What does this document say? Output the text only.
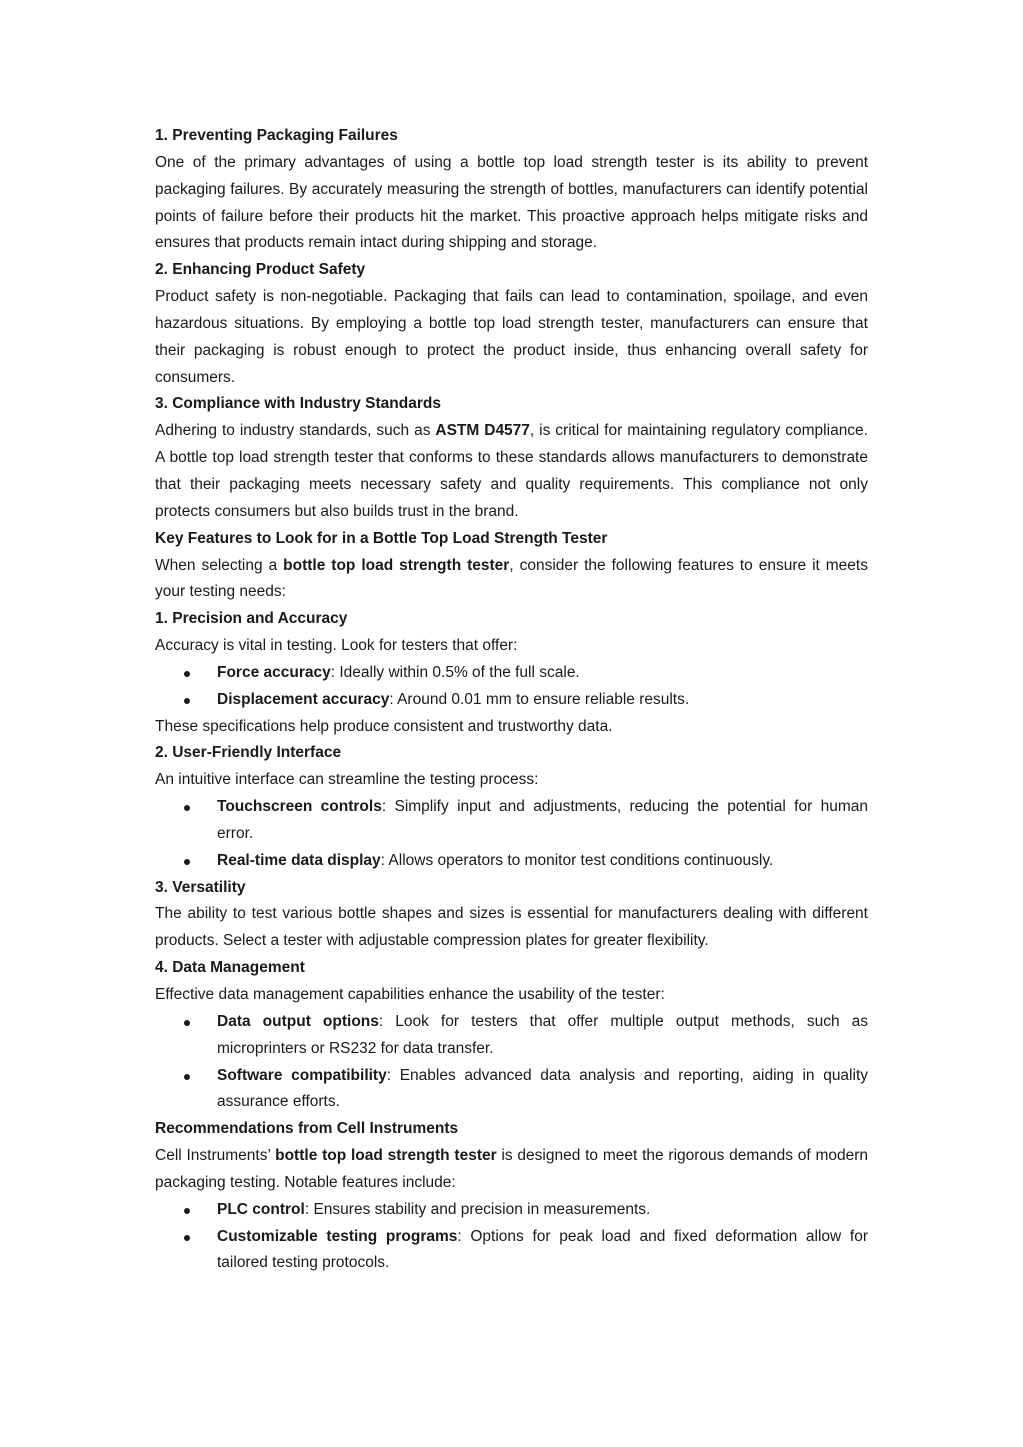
1. Preventing Packaging Failures

One of the primary advantages of using a bottle top load strength tester is its ability to prevent packaging failures. By accurately measuring the strength of bottles, manufacturers can identify potential points of failure before their products hit the market. This proactive approach helps mitigate risks and ensures that products remain intact during shipping and storage.

2. Enhancing Product Safety

Product safety is non-negotiable. Packaging that fails can lead to contamination, spoilage, and even hazardous situations. By employing a bottle top load strength tester, manufacturers can ensure that their packaging is robust enough to protect the product inside, thus enhancing overall safety for consumers.

3. Compliance with Industry Standards

Adhering to industry standards, such as ASTM D4577, is critical for maintaining regulatory compliance. A bottle top load strength tester that conforms to these standards allows manufacturers to demonstrate that their packaging meets necessary safety and quality requirements. This compliance not only protects consumers but also builds trust in the brand.

Key Features to Look for in a Bottle Top Load Strength Tester

When selecting a bottle top load strength tester, consider the following features to ensure it meets your testing needs:

1. Precision and Accuracy

Accuracy is vital in testing. Look for testers that offer:

Force accuracy: Ideally within 0.5% of the full scale.
Displacement accuracy: Around 0.01 mm to ensure reliable results.

These specifications help produce consistent and trustworthy data.

2. User-Friendly Interface

An intuitive interface can streamline the testing process:

Touchscreen controls: Simplify input and adjustments, reducing the potential for human error.
Real-time data display: Allows operators to monitor test conditions continuously.

3. Versatility

The ability to test various bottle shapes and sizes is essential for manufacturers dealing with different products. Select a tester with adjustable compression plates for greater flexibility.

4. Data Management

Effective data management capabilities enhance the usability of the tester:

Data output options: Look for testers that offer multiple output methods, such as microprinters or RS232 for data transfer.
Software compatibility: Enables advanced data analysis and reporting, aiding in quality assurance efforts.

Recommendations from Cell Instruments

Cell Instruments’ bottle top load strength tester is designed to meet the rigorous demands of modern packaging testing. Notable features include:

PLC control: Ensures stability and precision in measurements.
Customizable testing programs: Options for peak load and fixed deformation allow for tailored testing protocols.
